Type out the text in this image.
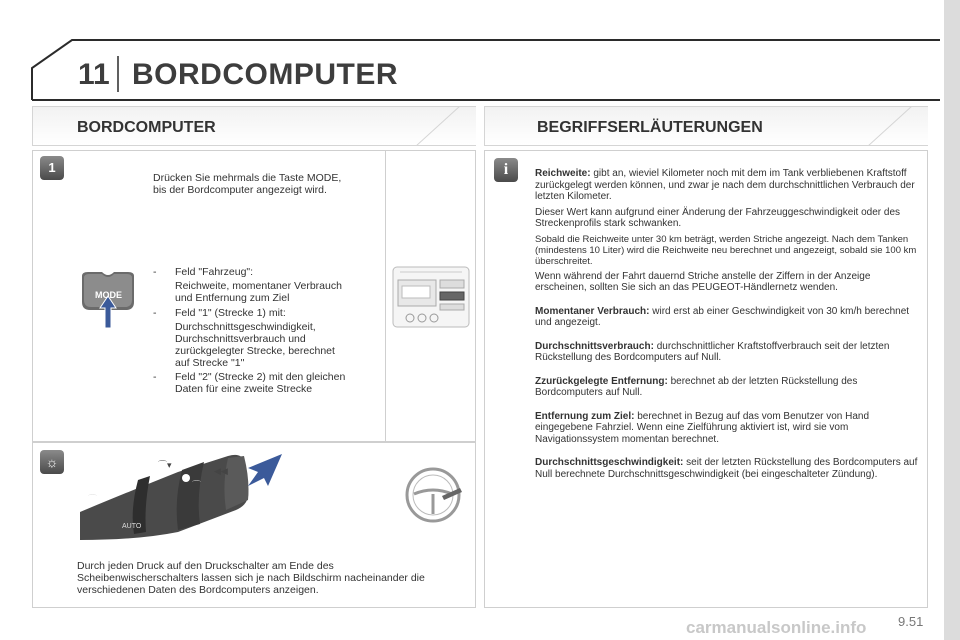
11 BORDCOMPUTER
BORDCOMPUTER	BEGRIFFSERLÄUTERUNGEN
1
Drücken Sie mehrmals die Taste MODE,
bis der Bordcomputer angezeigt wird.
MODE
- Feld "Fahrzeug":
Reichweite, momentaner Verbrauch
und Entfernung zum Ziel
- Feld "1" (Strecke 1) mit:
Durchschnittsgeschwindigkeit,
Durchschnittsverbrauch und
zurückgelegter Strecke, berechnet
auf Strecke "1"
- Feld "2" (Strecke 2) mit den gleichen
Daten für eine zweite Strecke
☼
AUTO
⌒
⌒▾
◀◀
⌒
Durch jeden Druck auf den Druckschalter am Ende des
Scheibenwischerschalters lassen sich je nach Bildschirm nacheinander die
verschiedenen Daten des Bordcomputers anzeigen.
i	Reichweite: gibt an, wieviel Kilometer noch mit dem im Tank verbliebenen Kraftstoff zurückgelegt werden können, und zwar je nach dem durchschnittlichen Verbrauch der letzten Kilometer.
Dieser Wert kann aufgrund einer Änderung der Fahrzeuggeschwindigkeit oder des Streckenprofils stark schwanken.
Sobald die Reichweite unter 30 km beträgt, werden Striche angezeigt. Nach dem Tanken (mindestens 10 Liter) wird die Reichweite neu berechnet und angezeigt, sobald sie 100 km überschreitet.
Wenn während der Fahrt dauernd Striche anstelle der Ziffern in der Anzeige erscheinen, sollten Sie sich an das PEUGEOT-Händlernetz wenden.
Momentaner Verbrauch: wird erst ab einer Geschwindigkeit von 30 km/h berechnet und angezeigt.
Durchschnittsverbrauch: durchschnittlicher Kraftstoffverbrauch seit der letzten Rückstellung des Bordcomputers auf Null.
Zzurückgelegte Entfernung: berechnet ab der letzten Rückstellung des Bordcomputers auf Null.
Entfernung zum Ziel: berechnet in Bezug auf das vom Benutzer von Hand eingegebene Fahrziel. Wenn eine Zielführung aktiviert ist, wird sie vom Navigationssystem momentan berechnet.
Durchschnittsgeschwindigkeit: seit der letzten Rückstellung des Bordcomputers auf Null berechnete Durchschnittsgeschwindigkeit (bei eingeschalteter Zündung).
9.51
carmanualsonline.info
